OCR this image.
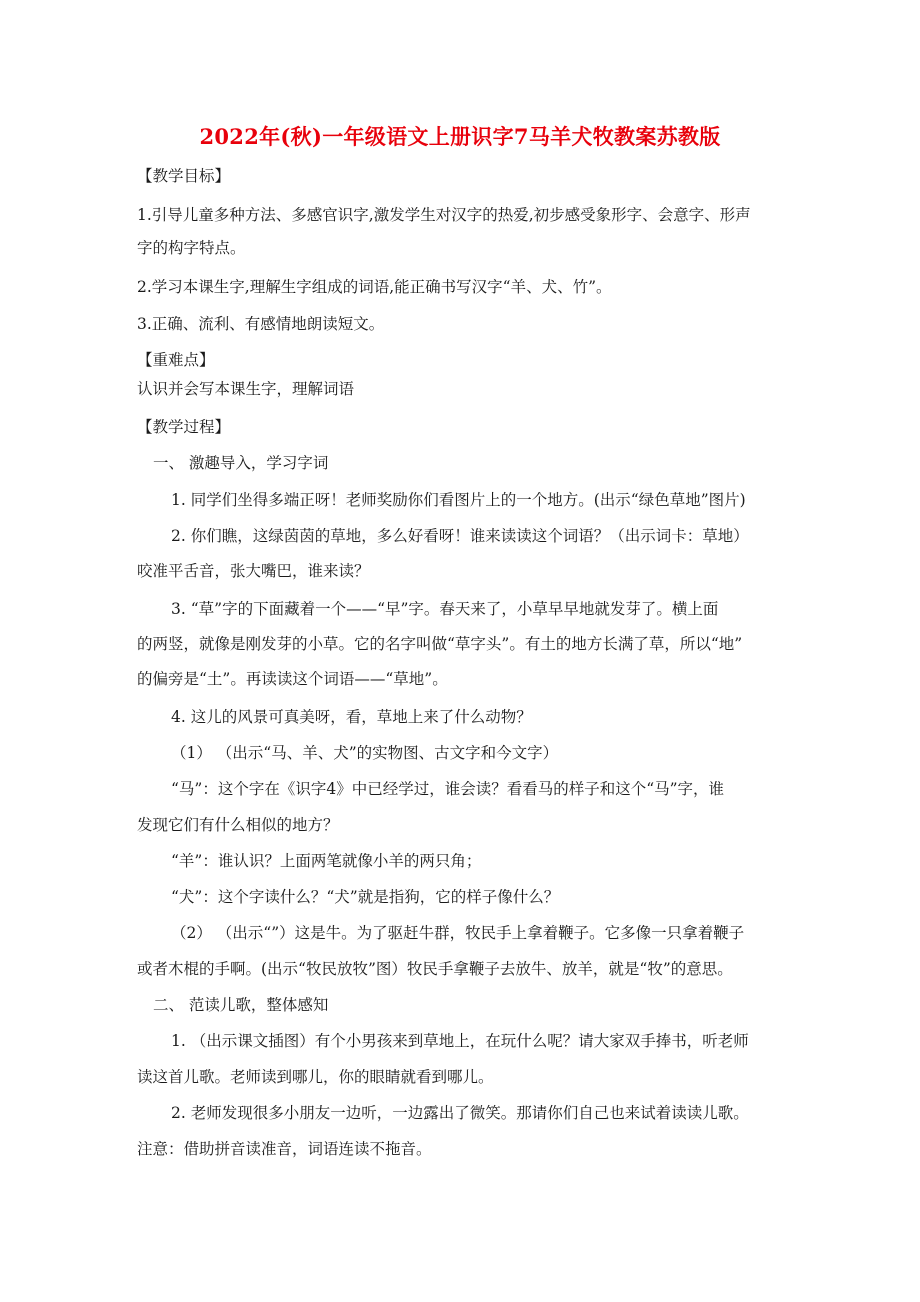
2022年(秋)一年级语文上册识字7马羊犬牧教案苏教版
【教学目标】
1.引导儿童多种方法、多感官识字,激发学生对汉字的热爱,初步感受象形字、会意字、形声
字的构字特点。
2.学习本课生字,理解生字组成的词语,能正确书写汉字“羊、犬、竹”。
3.正确、流利、有感情地朗读短文。
【重难点】
认识并会写本课生字，理解词语
【教学过程】
一、 激趣导入，学习字词
1. 同学们坐得多端正呀！老师奖励你们看图片上的一个地方。(出示“绿色草地”图片)
2. 你们瞧，这绿茵茵的草地，多么好看呀！谁来读读这个词语？（出示词卡：草地）
咬准平舌音，张大嘴巴，谁来读？
3. “草”字的下面藏着一个——“早”字。春天来了，小草早早地就发芽了。横上面
的两竖，就像是刚发芽的小草。它的名字叫做“草字头”。有土的地方长满了草，所以“地”
的偏旁是“土”。再读读这个词语——“草地”。
4. 这儿的风景可真美呀，看，草地上来了什么动物？
（1） （出示“马、羊、犬”的实物图、古文字和今文字）
“马”：这个字在《识字4》中已经学过，谁会读？看看马的样子和这个“马”字，谁
发现它们有什么相似的地方？
“羊”：谁认识？上面两笔就像小羊的两只角；
“犬”：这个字读什么？“犬”就是指狗，它的样子像什么？
（2） （出示“”）这是牛。为了驱赶牛群，牧民手上拿着鞭子。它多像一只拿着鞭子
或者木棍的手啊。(出示“牧民放牧”图）牧民手拿鞭子去放牛、放羊，就是“牧”的意思。
二、 范读儿歌，整体感知
1. （出示课文插图）有个小男孩来到草地上，在玩什么呢？请大家双手捧书，听老师
读这首儿歌。老师读到哪儿，你的眼睛就看到哪儿。
2. 老师发现很多小朋友一边听，一边露出了微笑。那请你们自己也来试着读读儿歌。
注意：借助拼音读准音，词语连读不拖音。
